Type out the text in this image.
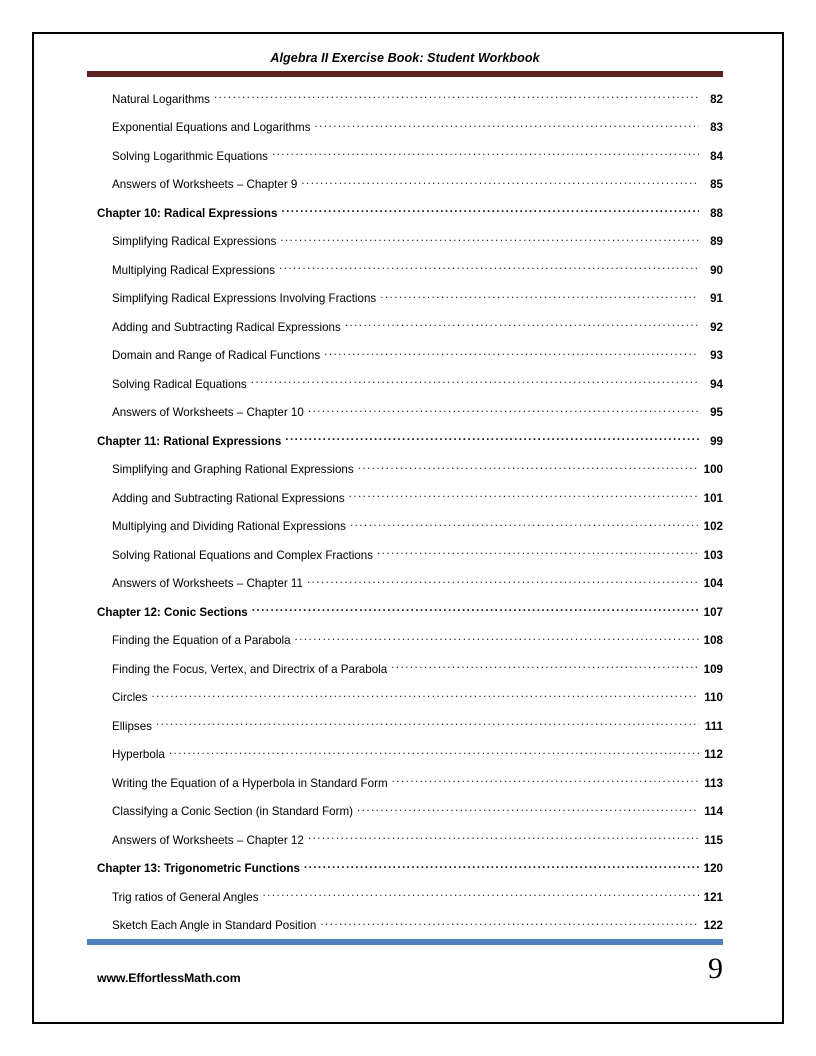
Algebra II Exercise Book: Student Workbook
Natural Logarithms .....	82
Exponential Equations and Logarithms .....	83
Solving Logarithmic Equations .....	84
Answers of Worksheets – Chapter 9 .....	85
Chapter 10: Radical Expressions .....	88
Simplifying Radical Expressions .....	89
Multiplying Radical Expressions .....	90
Simplifying Radical Expressions Involving Fractions .....	91
Adding and Subtracting Radical Expressions .....	92
Domain and Range of Radical Functions .....	93
Solving Radical Equations .....	94
Answers of Worksheets – Chapter 10 .....	95
Chapter 11: Rational Expressions .....	99
Simplifying and Graphing Rational Expressions .....	100
Adding and Subtracting Rational Expressions .....	101
Multiplying and Dividing Rational Expressions .....	102
Solving Rational Equations and Complex Fractions .....	103
Answers of Worksheets – Chapter 11 .....	104
Chapter 12: Conic Sections .....	107
Finding the Equation of a Parabola .....	108
Finding the Focus, Vertex, and Directrix of a Parabola .....	109
Circles .....	110
Ellipses .....	111
Hyperbola .....	112
Writing the Equation of a Hyperbola in Standard Form .....	113
Classifying a Conic Section (in Standard Form) .....	114
Answers of Worksheets – Chapter 12 .....	115
Chapter 13: Trigonometric Functions .....	120
Trig ratios of General Angles .....	121
Sketch Each Angle in Standard Position .....	122
www.EffortlessMath.com	9
